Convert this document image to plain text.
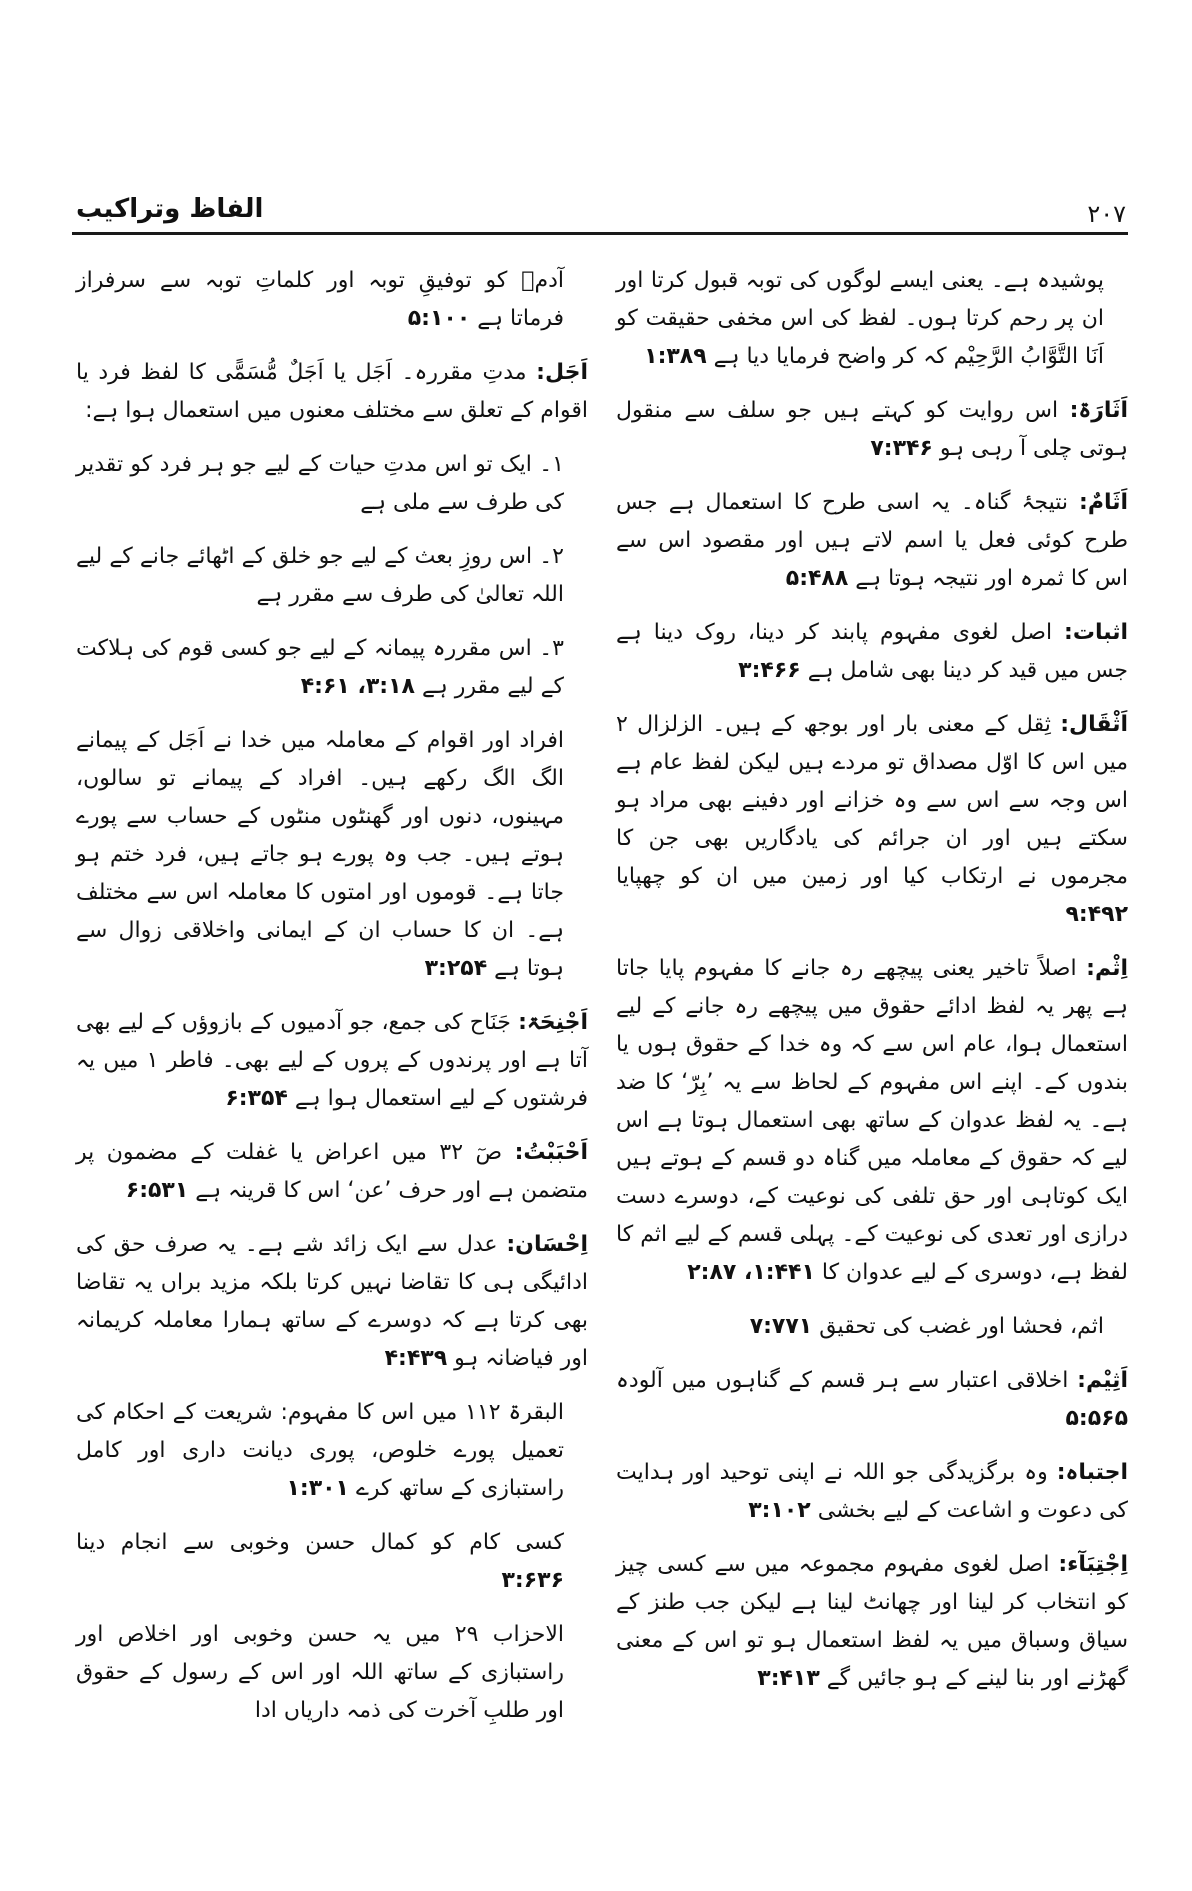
الفاظ وتراکیب	۲۰۷

پوشیدہ ہے۔ یعنی ایسے لوگوں کی توبہ قبول کرتا اور ان پر رحم کرتا ہوں۔ لفظ کی اس مخفی حقیقت کو اَنَا التَّوَّابُ الرَّحِیْم کہ کر واضح فرمایا دیا ہے ۱:۳۸۹

اَثَارَۃ: اس روایت کو کہتے ہیں جو سلف سے منقول ہوتی چلی آ رہی ہو ۷:۳۴۶

اَثَامٌ: نتیجۂ گناہ۔ یہ اسی طرح کا استعمال ہے جس طرح کوئی فعل یا اسم لاتے ہیں اور مقصود اس سے اس کا ثمرہ اور نتیجہ ہوتا ہے ۵:۴۸۸

اثبات: اصل لغوی مفہوم پابند کر دینا، روک دینا ہے جس میں قید کر دینا بھی شامل ہے ۳:۴۶۶

اَثْقَال: ثِقل کے معنی بار اور بوجھ کے ہیں۔ الزلزال ۲ میں اس کا اوّل مصداق تو مردے ہیں لیکن لفظ عام ہے اس وجہ سے اس سے وہ خزانے اور دفینے بھی مراد ہو سکتے ہیں اور ان جرائم کی یادگاریں بھی جن کا مجرموں نے ارتکاب کیا اور زمین میں ان کو چھپایا ۹:۴۹۲

اِثْم: اصلاً تاخیر یعنی پیچھے رہ جانے کا مفہوم پایا جاتا ہے پھر یہ لفظ ادائے حقوق میں پیچھے رہ جانے کے لیے استعمال ہوا، عام اس سے کہ وہ خدا کے حقوق ہوں یا بندوں کے۔ اپنے اس مفہوم کے لحاظ سے یہ ’بِرّ‘ کا ضد ہے۔ یہ لفظ عدوان کے ساتھ بھی استعمال ہوتا ہے اس لیے کہ حقوق کے معاملہ میں گناہ دو قسم کے ہوتے ہیں ایک کوتاہی اور حق تلفی کی نوعیت کے، دوسرے دست درازی اور تعدی کی نوعیت کے۔ پہلی قسم کے لیے اثم کا لفظ ہے، دوسری کے لیے عدوان کا ۱:۴۴۱، ۲:۸۷

اثم، فحشا اور غضب کی تحقیق ۷:۷۷۱

اَثِیْم: اخلاقی اعتبار سے ہر قسم کے گناہوں میں آلودہ ۵:۵۶۵

اجتباہ: وہ برگزیدگی جو اللہ نے اپنی توحید اور ہدایت کی دعوت و اشاعت کے لیے بخشی ۳:۱۰۲

اِجْتِبَآء: اصل لغوی مفہوم مجموعہ میں سے کسی چیز کو انتخاب کر لینا اور چھانٹ لینا ہے لیکن جب طنز کے سیاق وسباق میں یہ لفظ استعمال ہو تو اس کے معنی گھڑنے اور بنا لینے کے ہو جائیں گے ۳:۴۱۳

آدمؑ کو توفیقِ توبہ اور کلماتِ توبہ سے سرفراز فرماتا ہے ۵:۱۰۰

اَجَل: مدتِ مقررہ۔ اَجَل یا اَجَلٌ مُّسَمًّی کا لفظ فرد یا اقوام کے تعلق سے مختلف معنوں میں استعمال ہوا ہے:

۱۔ ایک تو اس مدتِ حیات کے لیے جو ہر فرد کو تقدیر کی طرف سے ملی ہے

۲۔ اس روزِ بعث کے لیے جو خلق کے اٹھائے جانے کے لیے اللہ تعالیٰ کی طرف سے مقرر ہے

۳۔ اس مقررہ پیمانہ کے لیے جو کسی قوم کی ہلاکت کے لیے مقرر ہے ۳:۱۸، ۴:۶۱

افراد اور اقوام کے معاملہ میں خدا نے اَجَل کے پیمانے الگ الگ رکھے ہیں۔ افراد کے پیمانے تو سالوں، مہینوں، دنوں اور گھنٹوں منٹوں کے حساب سے پورے ہوتے ہیں۔ جب وہ پورے ہو جاتے ہیں، فرد ختم ہو جاتا ہے۔ قوموں اور امتوں کا معاملہ اس سے مختلف ہے۔ ان کا حساب ان کے ایمانی واخلاقی زوال سے ہوتا ہے ۳:۲۵۴

اَجْنِحَۃ: جَنَاح کی جمع، جو آدمیوں کے بازوؤں کے لیے بھی آتا ہے اور پرندوں کے پروں کے لیے بھی۔ فاطر ۱ میں یہ فرشتوں کے لیے استعمال ہوا ہے ۶:۳۵۴

اَحْبَبْتُ: صٓ ۳۲ میں اعراض یا غفلت کے مضمون پر متضمن ہے اور حرف ’عن‘ اس کا قرینہ ہے ۶:۵۳۱

اِحْسَان: عدل سے ایک زائد شے ہے۔ یہ صرف حق کی ادائیگی ہی کا تقاضا نہیں کرتا بلکہ مزید براں یہ تقاضا بھی کرتا ہے کہ دوسرے کے ساتھ ہمارا معاملہ کریمانہ اور فیاضانہ ہو ۴:۴۳۹

البقرۃ ۱۱۲ میں اس کا مفہوم: شریعت کے احکام کی تعمیل پورے خلوص، پوری دیانت داری اور کامل راستبازی کے ساتھ کرے ۱:۳۰۱

کسی کام کو کمال حسن وخوبی سے انجام دینا ۳:۶۳۶

الاحزاب ۲۹ میں یہ حسن وخوبی اور اخلاص اور راستبازی کے ساتھ اللہ اور اس کے رسول کے حقوق اور طلبِ آخرت کی ذمہ داریاں ادا
